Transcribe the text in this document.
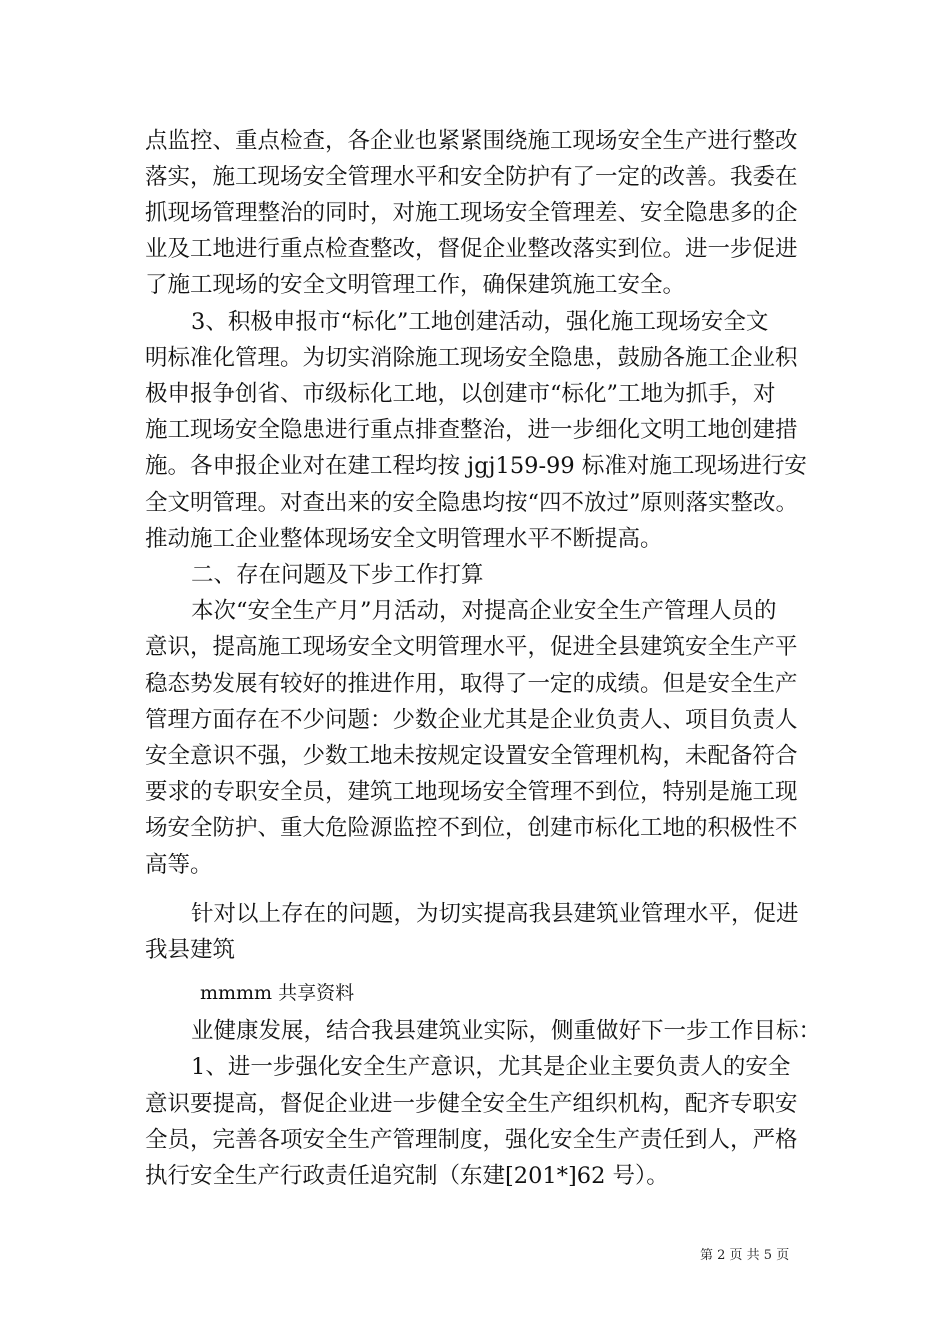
点监控、重点检查，各企业也紧紧围绕施工现场安全生产进行整改
落实，施工现场安全管理水平和安全防护有了一定的改善。我委在
抓现场管理整治的同时，对施工现场安全管理差、安全隐患多的企
业及工地进行重点检查整改，督促企业整改落实到位。进一步促进
了施工现场的安全文明管理工作，确保建筑施工安全。
3、积极申报市“标化”工地创建活动，强化施工现场安全文
明标准化管理。为切实消除施工现场安全隐患，鼓励各施工企业积
极申报争创省、市级标化工地，以创建市“标化”工地为抓手，对
施工现场安全隐患进行重点排查整治，进一步细化文明工地创建措
施。各申报企业对在建工程均按 jgj159-99 标准对施工现场进行安
全文明管理。对查出来的安全隐患均按“四不放过”原则落实整改。
推动施工企业整体现场安全文明管理水平不断提高。
二、存在问题及下步工作打算
本次“安全生产月”月活动，对提高企业安全生产管理人员的
意识，提高施工现场安全文明管理水平，促进全县建筑安全生产平
稳态势发展有较好的推进作用，取得了一定的成绩。但是安全生产
管理方面存在不少问题：少数企业尤其是企业负责人、项目负责人
安全意识不强，少数工地未按规定设置安全管理机构，未配备符合
要求的专职安全员，建筑工地现场安全管理不到位，特别是施工现
场安全防护、重大危险源监控不到位，创建市标化工地的积极性不
高等。
针对以上存在的问题，为切实提高我县建筑业管理水平，促进
我县建筑
mmmm 共享资料
业健康发展，结合我县建筑业实际，侧重做好下一步工作目标：
1、进一步强化安全生产意识，尤其是企业主要负责人的安全
意识要提高，督促企业进一步健全安全生产组织机构，配齐专职安
全员，完善各项安全生产管理制度，强化安全生产责任到人，严格
执行安全生产行政责任追究制（东建[201*]62 号）。
第 2 页 共 5 页
